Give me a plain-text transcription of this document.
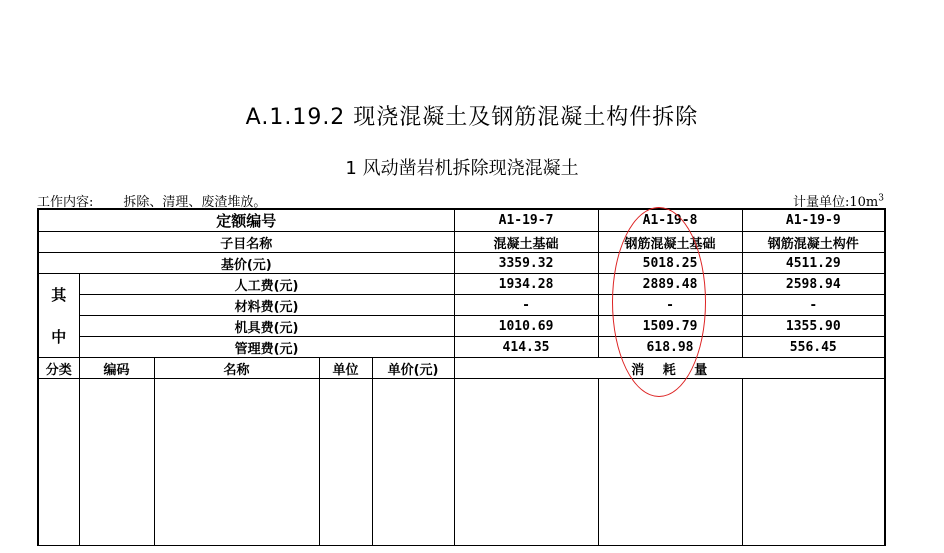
A.1.19.2 现浇混凝土及钢筋混凝土构件拆除
1 风动凿岩机拆除现浇混凝土
工作内容: 拆除、清理、废渣堆放。	计量单位$:10m^3$
定额编号					A1-19-7	A1-19-8	A1-19-9
子目名称					混凝土基础	钢筋混凝土基础	钢筋混凝土构件
基价(元)					3359.32	5018.25	4511.29
其	人工费(元)				1934.28	2889.48	2598.94
	材料费(元)				-	-	-
中	机具费(元)				1010.69	1509.79	1355.90
	管理费(元)				414.35	618.98	556.45
分类	编码	名称	单位	单价(元)	消 耗 量		
